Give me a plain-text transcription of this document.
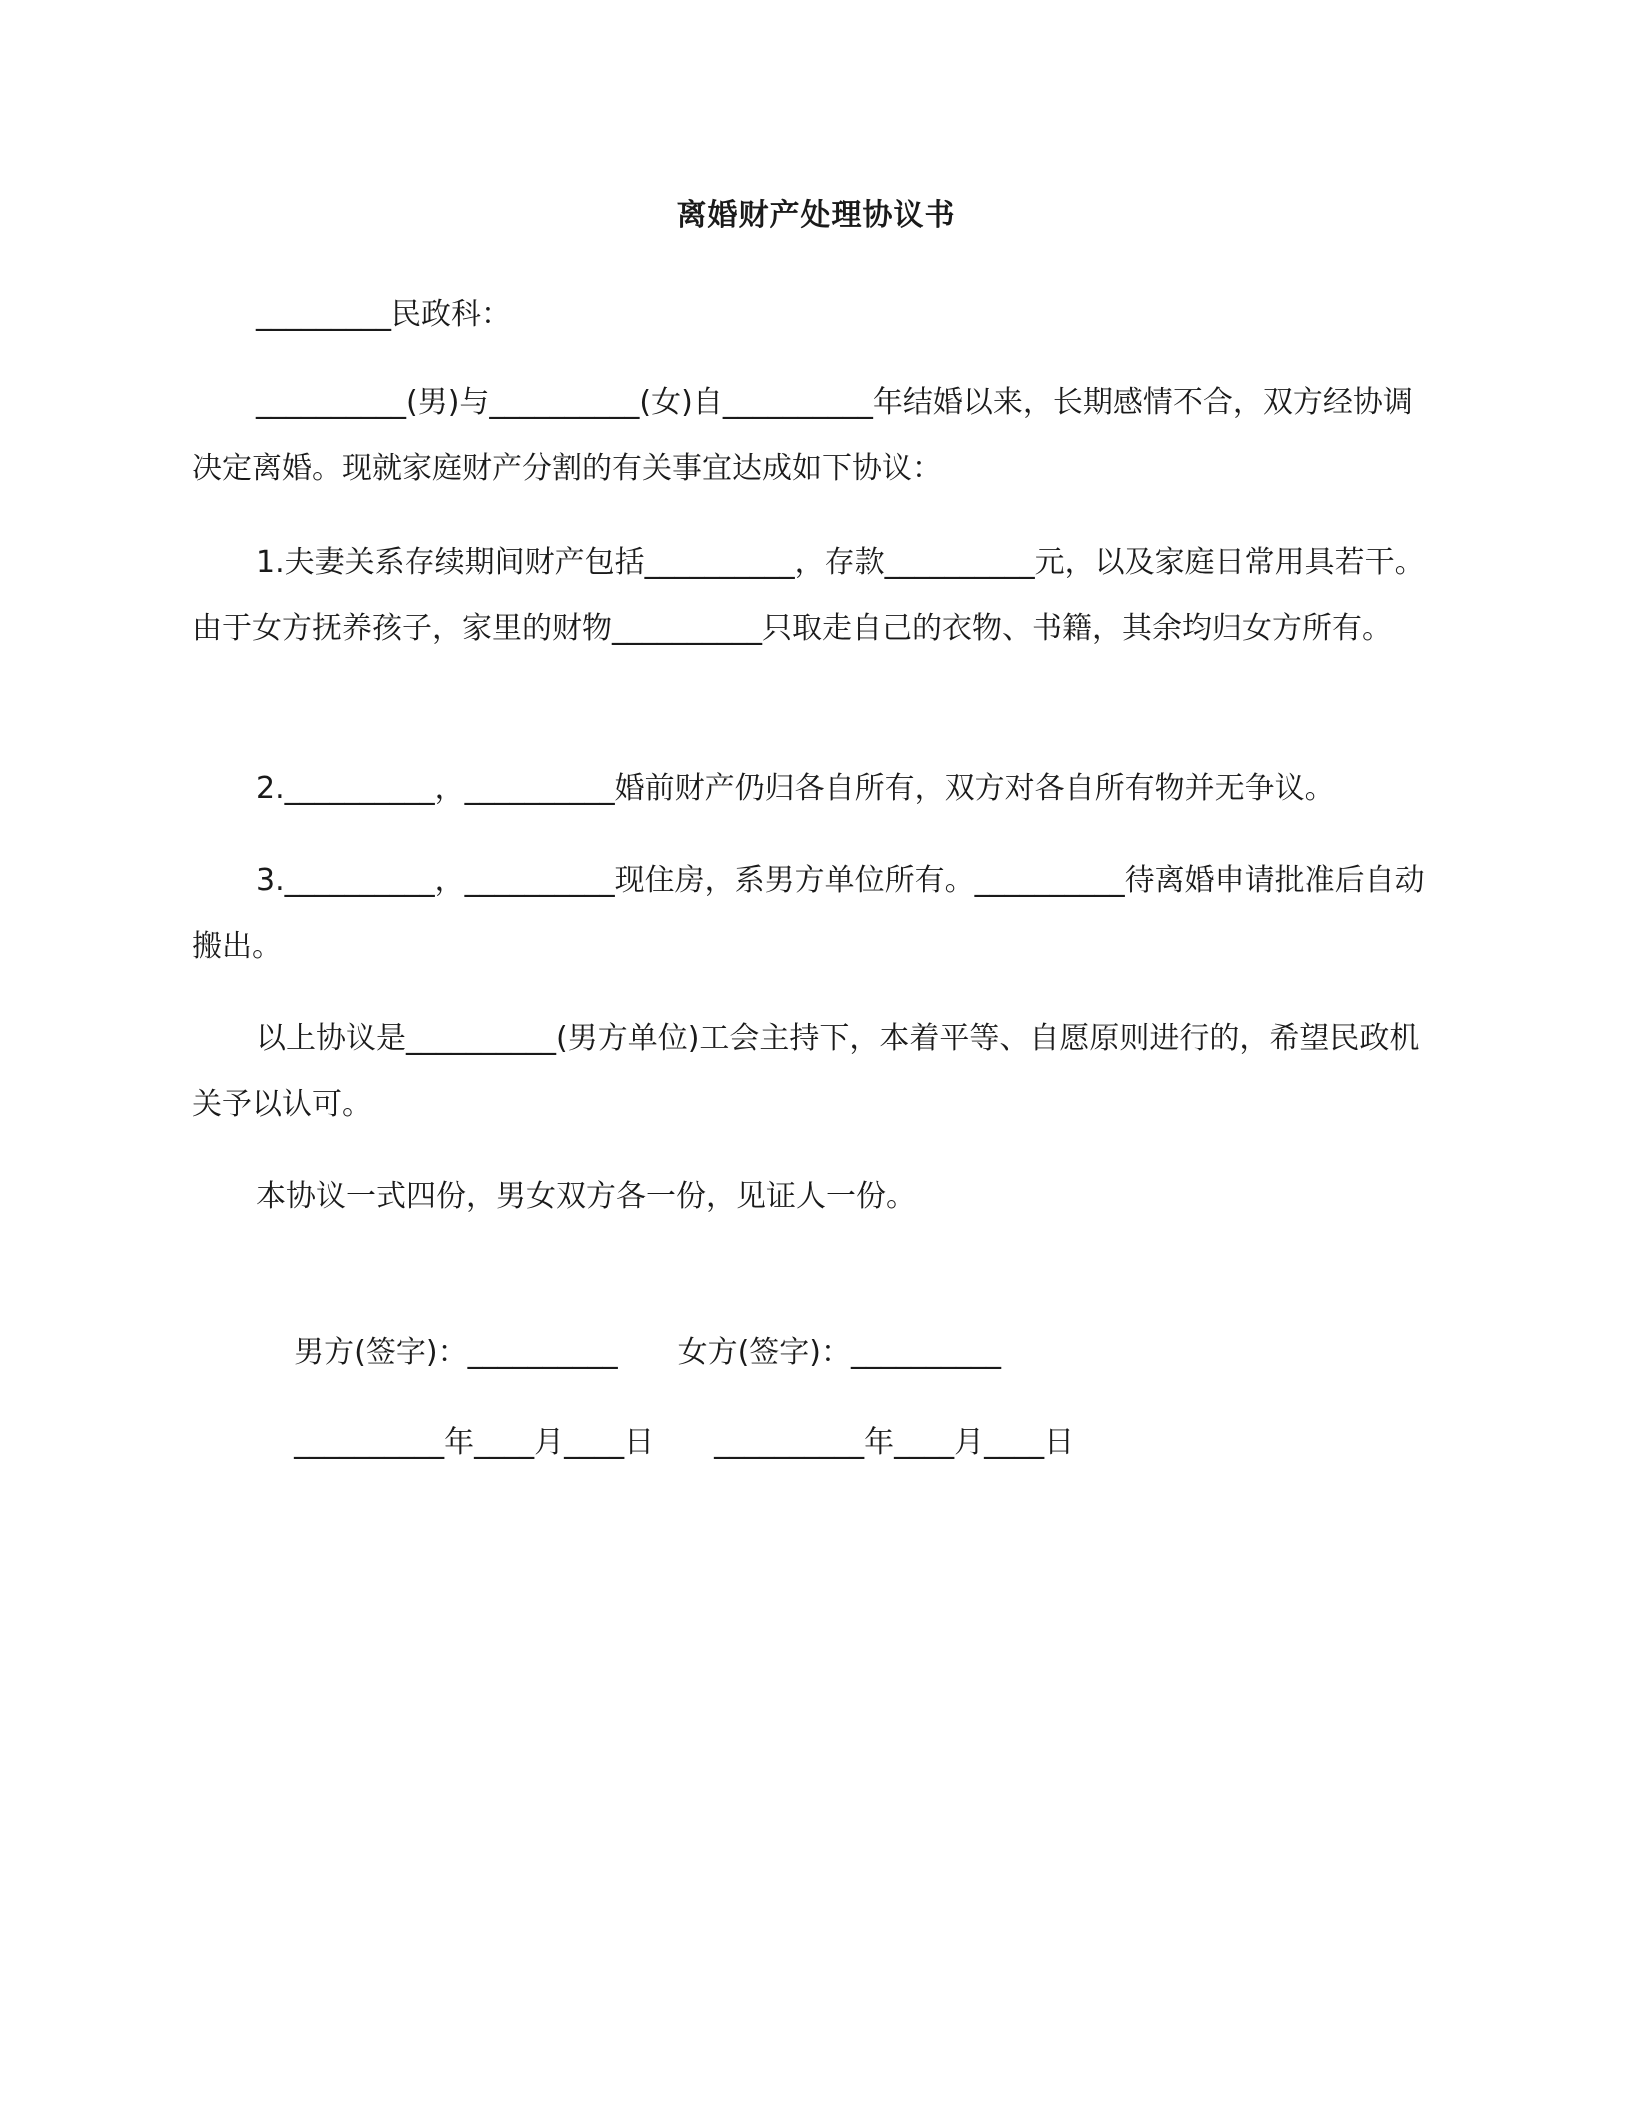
离婚财产处理协议书

_________民政科：

__________(男)与__________(女)自__________年结婚以来，长期感情不合，双方经协调决定离婚。现就家庭财产分割的有关事宜达成如下协议：

1.夫妻关系存续期间财产包括__________，存款__________元，以及家庭日常用具若干。由于女方抚养孩子，家里的财物__________只取走自己的衣物、书籍，其余均归女方所有。

2.__________，__________婚前财产仍归各自所有，双方对各自所有物并无争议。

3.__________，__________现住房，系男方单位所有。__________待离婚申请批准后自动搬出。

以上协议是__________(男方单位)工会主持下，本着平等、自愿原则进行的，希望民政机关予以认可。

本协议一式四份，男女双方各一份，见证人一份。

男方(签字)：__________ 女方(签字)：__________

__________年____月____日 __________年____月____日
